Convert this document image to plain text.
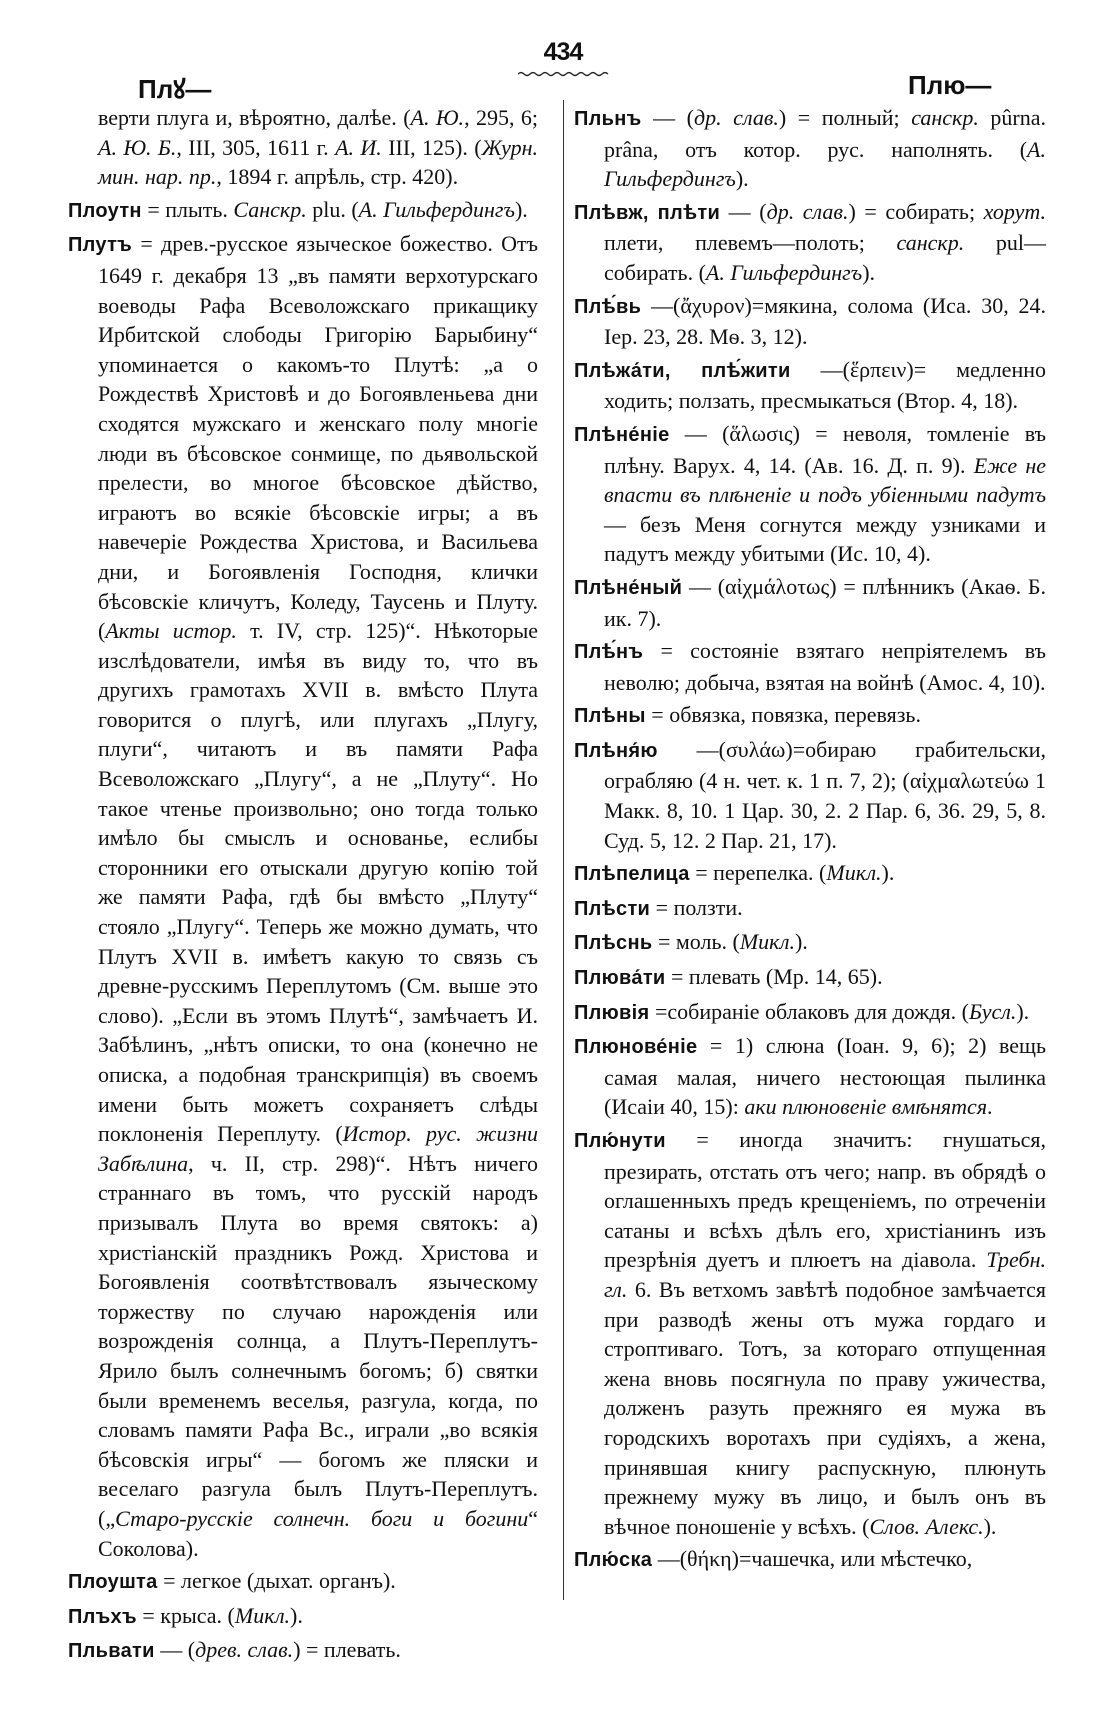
434
Плꙋ—	Плю—

верти плуга и, вѣроятно, далѣе. (А. Ю., 295, 6; А. Ю. Б., III, 305, 1611 г. А. И. III, 125). (Журн. мин. нар. пр., 1894 г. апрѣль, стр. 420).

Плоутн = плыть. Санскр. plu. (А. Гильфердингъ).

Плутъ = древ.-русское языческое божество. Отъ 1649 г. декабря 13 „въ памяти верхотурскаго воеводы Рафа Всеволожскаго прикащику Ирбитской слободы Григорію Барыбину“ упоминается о какомъ-то Плутѣ: „а о Рождествѣ Христовѣ и до Богоявленьева дни сходятся мужскаго и женскаго полу многіе люди въ бѣсовское сонмище, по дьявольской прелести, во многое бѣсовское дѣйство, играютъ во всякіе бѣсовскіе игры; а въ навечеріе Рождества Христова, и Васильева дни, и Богоявленія Господня, клички бѣсовскіе кличутъ, Коледу, Таусень и Плуту. (Акты истор. т. IV, стр. 125)“. Нѣкоторые изслѣдователи, имѣя въ виду то, что въ другихъ грамотахъ XVII в. вмѣсто Плута говорится о плугѣ, или плугахъ „Плугу, плуги“, читаютъ и въ памяти Рафа Всеволожскаго „Плугу“, а не „Плуту“. Но такое чтенье произвольно; оно тогда только имѣло бы смыслъ и основанье, еслибы сторонники его отыскали другую копію той же памяти Рафа, гдѣ бы вмѣсто „Плуту“ стояло „Плугу“. Теперь же можно думать, что Плутъ XVII в. имѣетъ какую то связь съ древне-русскимъ Переплутомъ (См. выше это слово). „Если въ этомъ Плутѣ“, замѣчаетъ И. Забѣлинъ, „нѣтъ описки, то она (конечно не описка, а подобная транскрипція) въ своемъ имени быть можетъ сохраняетъ слѣды поклоненія Переплуту. (Истор. рус. жизни Забѣлина, ч. II, стр. 298)“. Нѣтъ ничего страннаго въ томъ, что русскій народъ призывалъ Плута во время святокъ: а) христіанскій праздникъ Рожд. Христова и Богоявленія соотвѣтствовалъ языческому торжеству по случаю нарожденія или возрожденія солнца, а Плутъ-Переплутъ-Ярило былъ солнечнымъ богомъ; б) святки были временемъ веселья, разгула, когда, по словамъ памяти Рафа Вс., играли „во всякія бѣсовскія игры“ — богомъ же пляски и веселаго разгула былъ Плутъ-Переплутъ. („Старо-русскіе солнечн. боги и богини“ Соколова).

Плоушта = легкое (дыхат. органъ).

Плъхъ = крыса. (Микл.).

Пльвати — (древ. слав.) = плевать.

Пльнъ — (др. слав.) = полный; санскр. pûrna. prâna, отъ котор. рус. наполнять. (А. Гильфердингъ).

Плѣвж, плѣти — (др. слав.) = собирать; хорут. плети, плевемъ—полоть; санскр. pul—собирать. (А. Гильфердингъ).

Плѣ́вь —(ἄχυρον)=мякина, солома (Иса. 30, 24. Іер. 23, 28. Мѳ. 3, 12).

Плѣжа́ти, плѣ́жити —(ἕρπειν)= медленно ходить; ползать, пресмыкаться (Втор. 4, 18).

Плѣне́ніе — (ἅλωσις) = неволя, томленіе въ плѣну. Варух. 4, 14. (Ав. 16. Д. п. 9). Еже не впасти въ плѣненіе и подъ убіенными падутъ — безъ Меня согнутся между узниками и падутъ между убитыми (Ис. 10, 4).

Плѣне́ный — (αἰχμάλοτως) = плѣнникъ (Акаѳ. Б. ик. 7).

Плѣ́нъ = состояніе взятаго непріятелемъ въ неволю; добыча, взятая на войнѣ (Амос. 4, 10).

Плѣны = обвязка, повязка, перевязь.

Плѣня́ю —(συλάω)=обираю грабительски, ограбляю (4 н. чет. к. 1 п. 7, 2); (αἰχμαλωτεύω 1 Макк. 8, 10. 1 Цар. 30, 2. 2 Пар. 6, 36. 29, 5, 8. Суд. 5, 12. 2 Пар. 21, 17).

Плѣпелица = перепелка. (Микл.).

Плѣсти = ползти.

Плѣснь = моль. (Микл.).

Плюва́ти = плевать (Мр. 14, 65).

Плювія =собираніе облаковъ для дождя. (Бусл.).

Плюнове́ніе = 1) слюна (Іоан. 9, 6); 2) вещь самая малая, ничего нестоющая пылинка (Исаіи 40, 15): аки плюновеніе вмѣнятся.

Плю́нути = иногда значитъ: гнушаться, презирать, отстать отъ чего; напр. въ обрядѣ о оглашенныхъ предъ крещеніемъ, по отреченіи сатаны и всѣхъ дѣлъ его, христіанинъ изъ презрѣнія дуетъ и плюетъ на діавола. Требн. гл. 6. Въ ветхомъ завѣтѣ подобное замѣчается при разводѣ жены отъ мужа гордаго и строптиваго. Тотъ, за котораго отпущенная жена вновь посягнула по праву ужичества, долженъ разуть прежняго ея мужа въ городскихъ воротахъ при судіяхъ, а жена, принявшая книгу распускную, плюнуть прежнему мужу въ лицо, и былъ онъ въ вѣчное поношеніе у всѣхъ. (Слов. Алекс.).

Плю́ска —(θήκη)=чашечка, или мѣстечко,
